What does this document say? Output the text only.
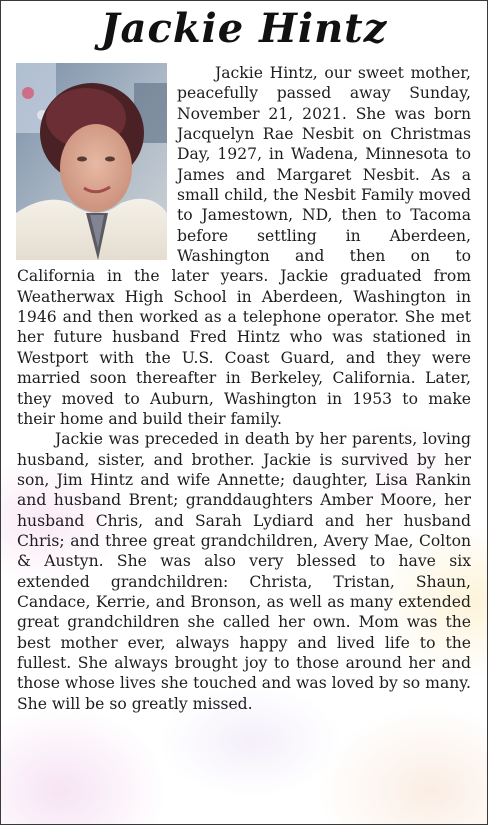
Jackie Hintz

Jackie Hintz, our sweet mother, peacefully passed away Sunday, November 21, 2021. She was born Jacquelyn Rae Nesbit on Christmas Day, 1927, in Wadena, Minnesota to James and Margaret Nesbit. As a small child, the Nesbit Family moved to Jamestown, ND, then to Tacoma before settling in Aberdeen, Washington and then on to California in the later years. Jackie graduated from Weatherwax High School in Aberdeen, Washington in 1946 and then worked as a telephone operator. She met her future husband Fred Hintz who was stationed in Westport with the U.S. Coast Guard, and they were married soon thereafter in Berkeley, California. Later, they moved to Auburn, Washington in 1953 to make their home and build their family.

Jackie was preceded in death by her parents, loving husband, sister, and brother. Jackie is survived by her son, Jim Hintz and wife Annette; daughter, Lisa Rankin and husband Brent; granddaughters Amber Moore, her husband Chris, and Sarah Lydiard and her husband Chris; and three great grandchildren, Avery Mae, Colton & Austyn. She was also very blessed to have six extended grandchildren: Christa, Tristan, Shaun, Candace, Kerrie, and Bronson, as well as many extended great grandchildren she called her own. Mom was the best mother ever, always happy and lived life to the fullest. She always brought joy to those around her and those whose lives she touched and was loved by so many. She will be so greatly missed.
